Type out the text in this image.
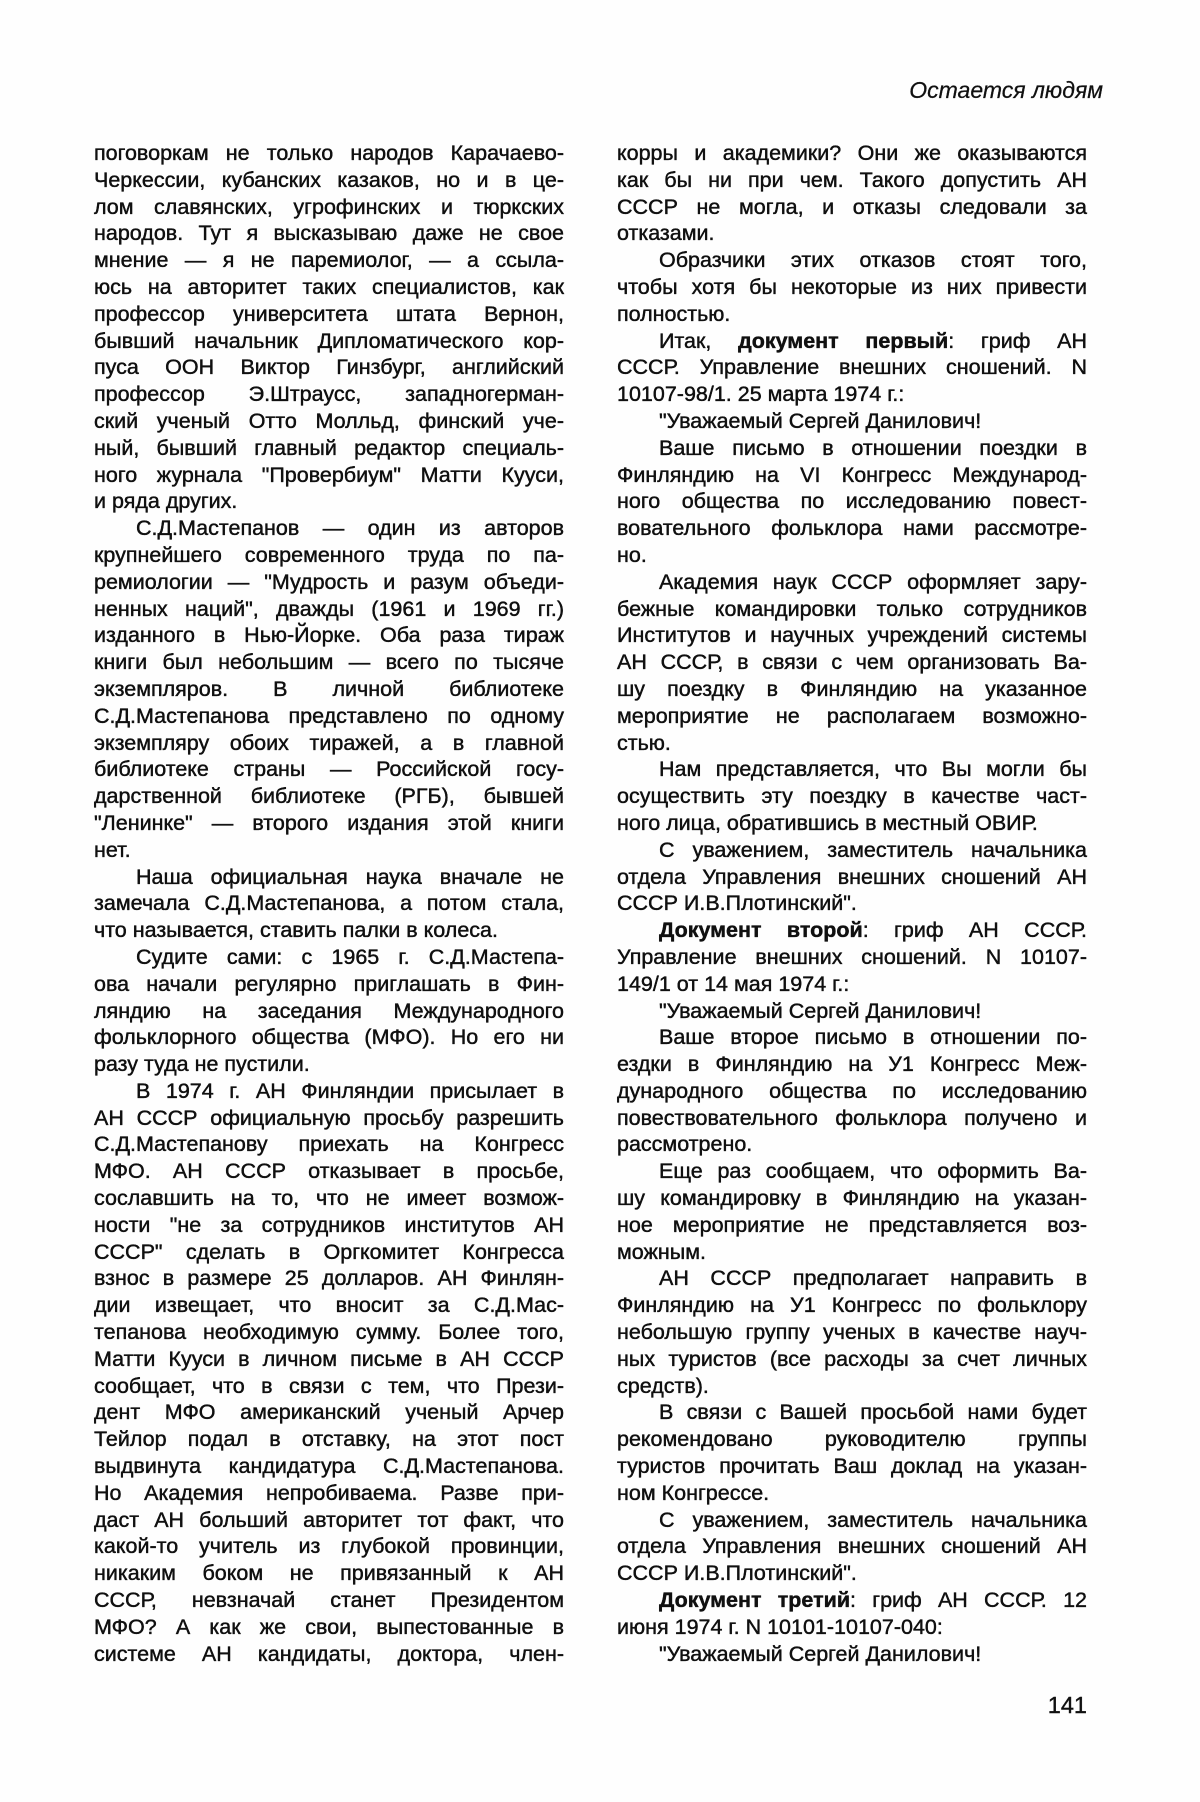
Остается людям
поговоркам не только народов Карачаево-
Черкессии, кубанских казаков, но и в це-
лом славянских, угрофинских и тюркских
народов. Тут я высказываю даже не свое
мнение — я не паремиолог, — а ссыла-
юсь на авторитет таких специалистов, как
профессор университета штата Вернон,
бывший начальник Дипломатического кор-
пуса ООН Виктор Гинзбург, английский
профессор Э.Штраусс, западногерман-
ский ученый Отто Молльд, финский уче-
ный, бывший главный редактор специаль-
ного журнала "Провербиум" Матти Кууси,
и ряда других.
С.Д.Мастепанов — один из авторов
крупнейшего современного труда по па-
ремиологии — "Мудрость и разум объеди-
ненных наций", дважды (1961 и 1969 гг.)
изданного в Нью-Йорке. Оба раза тираж
книги был небольшим — всего по тысяче
экземпляров. В личной библиотеке
С.Д.Мастепанова представлено по одному
экземпляру обоих тиражей, а в главной
библиотеке страны — Российской госу-
дарственной библиотеке (РГБ), бывшей
"Ленинке" — второго издания этой книги
нет.
Наша официальная наука вначале не
замечала С.Д.Мастепанова, а потом стала,
что называется, ставить палки в колеса.
Судите сами: с 1965 г. С.Д.Мастепа-
ова начали регулярно приглашать в Фин-
ляндию на заседания Международного
фольклорного общества (МФО). Но его ни
разу туда не пустили.
В 1974 г. АН Финляндии присылает в
АН СССР официальную просьбу разрешить
С.Д.Мастепанову приехать на Конгресс
МФО. АН СССР отказывает в просьбе,
сославшить на то, что не имеет возмож-
ности "не за сотрудников институтов АН
СССР" сделать в Оргкомитет Конгресса
взнос в размере 25 долларов. АН Финлян-
дии извещает, что вносит за С.Д.Мас-
тепанова необходимую сумму. Более того,
Матти Кууси в личном письме в АН СССР
сообщает, что в связи с тем, что Прези-
дент МФО американский ученый Арчер
Тейлор подал в отставку, на этот пост
выдвинута кандидатура С.Д.Мастепанова.
Но Академия непробиваема. Разве при-
даст АН больший авторитет тот факт, что
какой-то учитель из глубокой провинции,
никаким боком не привязанный к АН
СССР, невзначай станет Президентом
МФО? А как же свои, выпестованные в
системе АН кандидаты, доктора, член-
корры и академики? Они же оказываются
как бы ни при чем. Такого допустить АН
СССР не могла, и отказы следовали за
отказами.
Образчики этих отказов стоят того,
чтобы хотя бы некоторые из них привести
полностью.
Итак, документ первый: гриф АН
СССР. Управление внешних сношений. N
10107-98/1. 25 марта 1974 г.:
"Уважаемый Сергей Данилович!
Ваше письмо в отношении поездки в
Финляндию на VI Конгресс Международ-
ного общества по исследованию повест-
вовательного фольклора нами рассмотре-
но.
Академия наук СССР оформляет зару-
бежные командировки только сотрудников
Институтов и научных учреждений системы
АН СССР, в связи с чем организовать Ва-
шу поездку в Финляндию на указанное
мероприятие не располагаем возможно-
стью.
Нам представляется, что Вы могли бы
осуществить эту поездку в качестве част-
ного лица, обратившись в местный ОВИР.
С уважением, заместитель начальника
отдела Управления внешних сношений АН
СССР И.В.Плотинский".
Документ второй: гриф АН СССР.
Управление внешних сношений. N 10107-
149/1 от 14 мая 1974 г.:
"Уважаемый Сергей Данилович!
Ваше второе письмо в отношении по-
ездки в Финляндию на У1 Конгресс Меж-
дународного общества по исследованию
повествовательного фольклора получено и
рассмотрено.
Еще раз сообщаем, что оформить Ва-
шу командировку в Финляндию на указан-
ное мероприятие не представляется воз-
можным.
АН СССР предполагает направить в
Финляндию на У1 Конгресс по фольклору
небольшую группу ученых в качестве науч-
ных туристов (все расходы за счет личных
средств).
В связи с Вашей просьбой нами будет
рекомендовано руководителю группы
туристов прочитать Ваш доклад на указан-
ном Конгрессе.
С уважением, заместитель начальника
отдела Управления внешних сношений АН
СССР И.В.Плотинский".
Документ третий: гриф АН СССР. 12
июня 1974 г. N 10101-10107-040:
"Уважаемый Сергей Данилович!
141
